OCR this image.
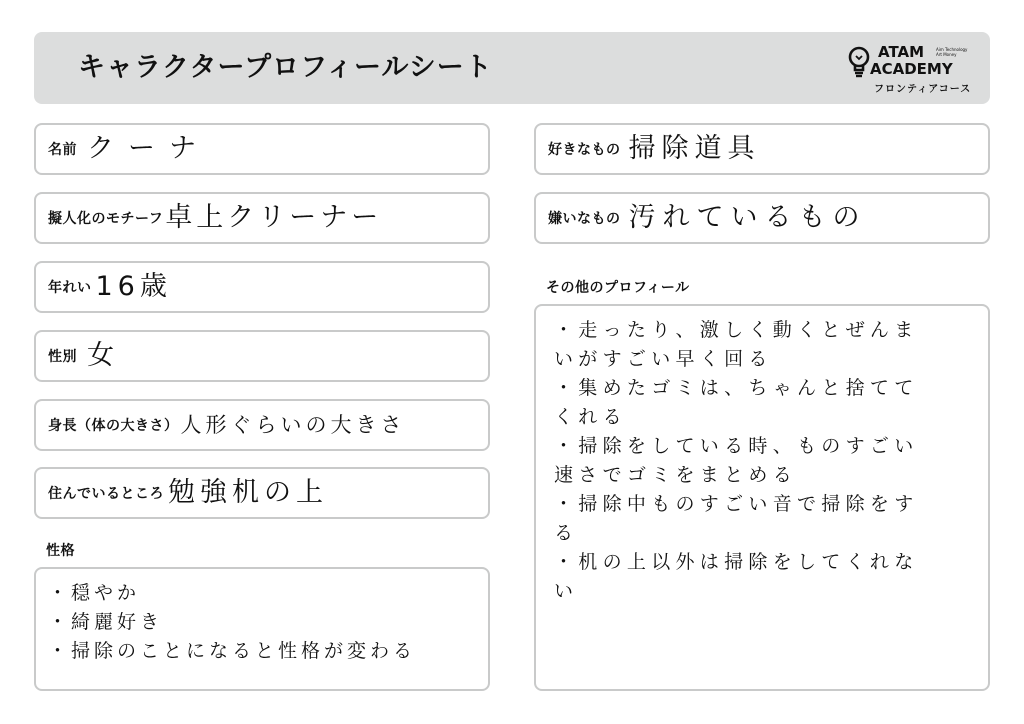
キャラクタープロフィールシート	ATAM	Aim Technology
Art Money
ACADEMY
フロンティアコース
名前 クーナ
擬人化のモチーフ 卓上クリーナー
年れい 16歳
性別 女
身長（体の大きさ） 人形ぐらいの大きさ
住んでいるところ 勉強机の上
性格
・穏やか
・綺麗好き
・掃除のことになると性格が変わる
好きなもの 掃除道具
嫌いなもの 汚れているもの
その他のプロフィール
・走ったり、激しく動くとぜんま
いがすごい早く回る
・集めたゴミは、ちゃんと捨てて
くれる
・掃除をしている時、ものすごい
速さでゴミをまとめる
・掃除中ものすごい音で掃除をす
る
・机の上以外は掃除をしてくれな
い
